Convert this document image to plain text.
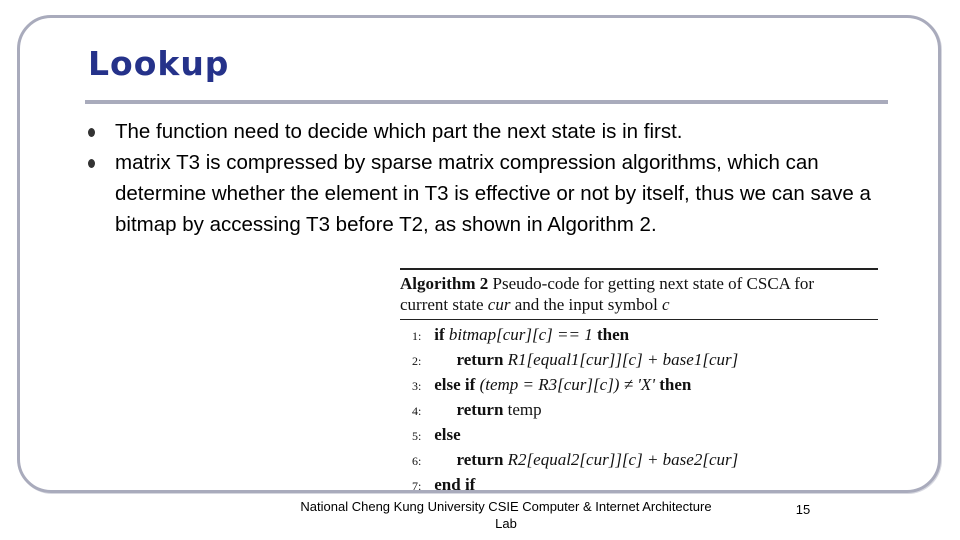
Lookup
The function need to decide which part the next state is in first.
matrix T3 is compressed by sparse matrix compression algorithms, which can determine whether the element in T3 is effective or not by itself, thus we can save a bitmap by accessing T3 before T2, as shown in Algorithm 2.
Algorithm 2 Pseudo-code for getting next state of CSCA for
current state cur and the input symbol c
1: if bitmap[cur][c] == 1 then
2: return R1[equal1[cur]][c] + base1[cur]
3: else if (temp = R3[cur][c]) ≠ 'X' then
4: return temp
5: else
6: return R2[equal2[cur]][c] + base2[cur]
7: end if
National Cheng Kung University CSIE Computer & Internet Architecture Lab
15
